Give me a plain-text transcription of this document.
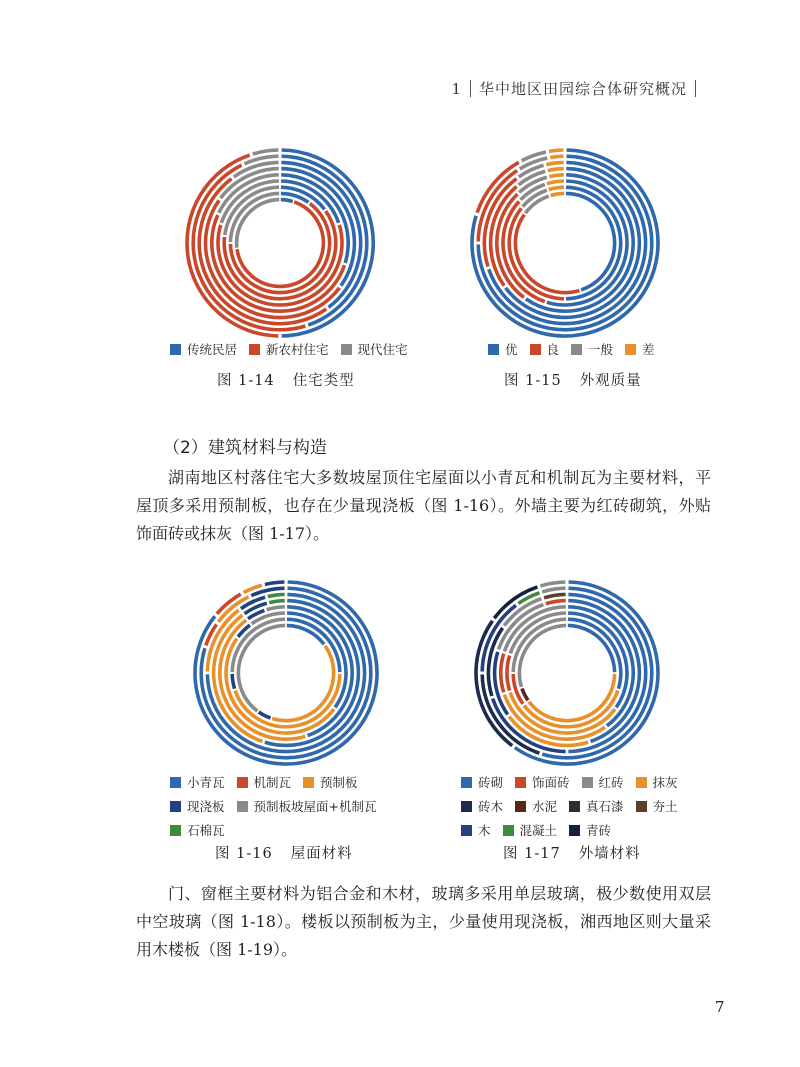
1 华中地区田园综合体研究概况
传统民居 新农村住宅 现代住宅
图 1-14 住宅类型
优 良 一般 差
图 1-15 外观质量
（2）建筑材料与构造

湖南地区村落住宅大多数坡屋顶住宅屋面以小青瓦和机制瓦为主要材料，平屋顶多采用预制板，也存在少量现浇板（图 1-16）。外墙主要为红砖砌筑，外贴饰面砖或抹灰（图 1-17）。

小青瓦 机制瓦 预制板
现浇板 预制板坡屋面+机制瓦
石棉瓦
图 1-16 屋面材料
砖砌 饰面砖 红砖 抹灰
砖木 水泥 真石漆 夯土
木 混凝土 青砖
图 1-17 外墙材料

门、窗框主要材料为铝合金和木材，玻璃多采用单层玻璃，极少数使用双层中空玻璃（图 1-18）。楼板以预制板为主，少量使用现浇板，湘西地区则大量采用木楼板（图 1-19）。

7
